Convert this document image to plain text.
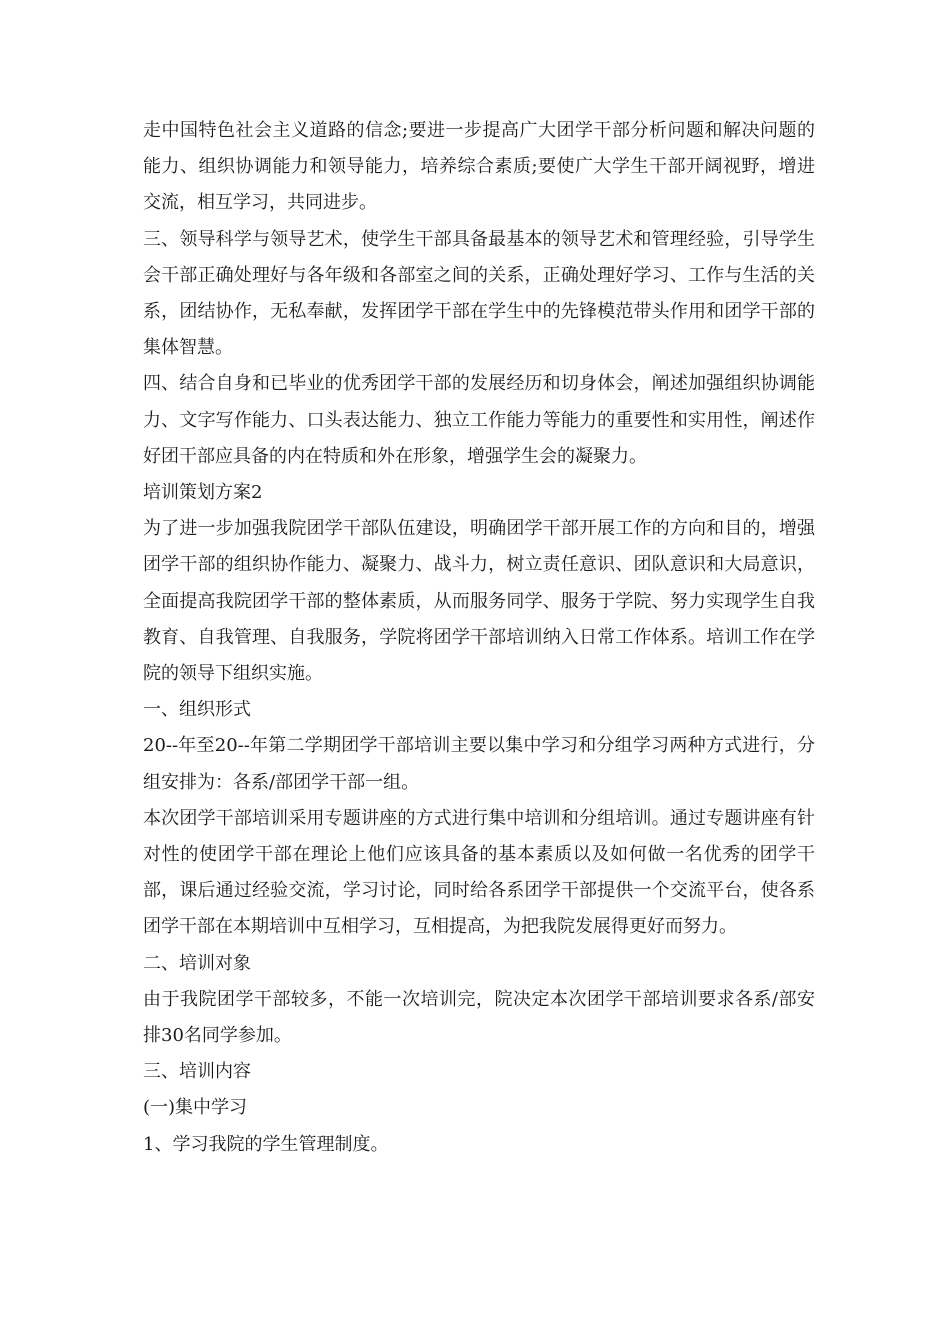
走中国特色社会主义道路的信念;要进一步提高广大团学干部分析问题和解决问题的能力、组织协调能力和领导能力，培养综合素质;要使广大学生干部开阔视野，增进交流，相互学习，共同进步。

三、领导科学与领导艺术，使学生干部具备最基本的领导艺术和管理经验，引导学生会干部正确处理好与各年级和各部室之间的关系，正确处理好学习、工作与生活的关系，团结协作，无私奉献，发挥团学干部在学生中的先锋模范带头作用和团学干部的集体智慧。

四、结合自身和已毕业的优秀团学干部的发展经历和切身体会，阐述加强组织协调能力、文字写作能力、口头表达能力、独立工作能力等能力的重要性和实用性，阐述作好团干部应具备的内在特质和外在形象，增强学生会的凝聚力。

培训策划方案2

为了进一步加强我院团学干部队伍建设，明确团学干部开展工作的方向和目的，增强团学干部的组织协作能力、凝聚力、战斗力，树立责任意识、团队意识和大局意识，全面提高我院团学干部的整体素质，从而服务同学、服务于学院、努力实现学生自我教育、自我管理、自我服务，学院将团学干部培训纳入日常工作体系。培训工作在学院的领导下组织实施。

一、组织形式

20--年至20--年第二学期团学干部培训主要以集中学习和分组学习两种方式进行，分组安排为：各系/部团学干部一组。

本次团学干部培训采用专题讲座的方式进行集中培训和分组培训。通过专题讲座有针对性的使团学干部在理论上他们应该具备的基本素质以及如何做一名优秀的团学干部，课后通过经验交流，学习讨论，同时给各系团学干部提供一个交流平台，使各系团学干部在本期培训中互相学习，互相提高，为把我院发展得更好而努力。

二、培训对象

由于我院团学干部较多，不能一次培训完，院决定本次团学干部培训要求各系/部安排30名同学参加。

三、培训内容

(一)集中学习

1、学习我院的学生管理制度。
